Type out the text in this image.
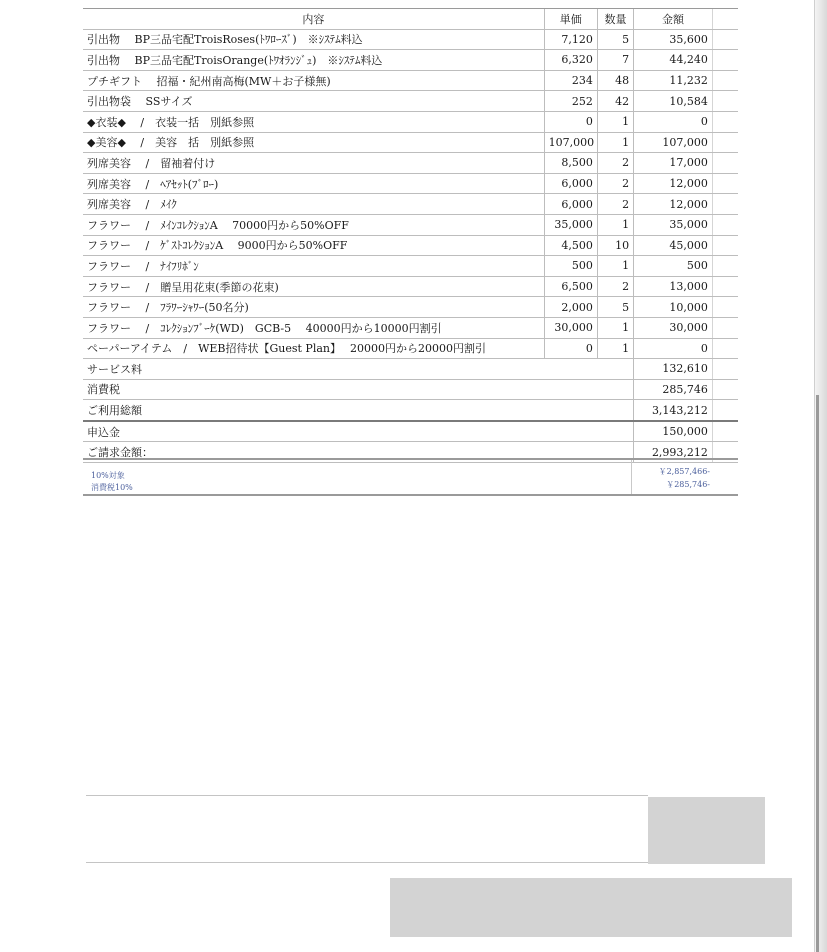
内容	単価	数量	金額	
引出物　 BP三品宅配TroisRoses(ﾄﾜﾛｰｽﾞ)　※ｼｽﾃﾑ料込	7,120	5	35,600	
引出物　 BP三品宅配TroisOrange(ﾄﾜｵﾗﾝｼﾞｭ)　※ｼｽﾃﾑ料込	6,320	7	44,240	
プチギフト　 招福・紀州南高梅(MW＋お子様無)	234	48	11,232	
引出物袋　 SSサイズ	252	42	10,584	
◆衣装◆　 /　衣装一括　別紙参照	0	1	0	
◆美容◆　 /　美容　括　別紙参照	107,000	1	107,000	
列席美容　 /　留袖着付け	8,500	2	17,000	
列席美容　 /　ﾍｱｾｯﾄ(ﾌﾞﾛｰ)	6,000	2	12,000	
列席美容　 /　ﾒｲｸ	6,000	2	12,000	
フラワー　 /　ﾒｲﾝｺﾚｸｼｮﾝA　 70000円から50%OFF	35,000	1	35,000	
フラワー　 /　ｹﾞｽﾄｺﾚｸｼｮﾝA　 9000円から50%OFF	4,500	10	45,000	
フラワー　 /　ﾅｲﾌﾘﾎﾞﾝ	500	1	500	
フラワー　 /　贈呈用花束(季節の花束)	6,500	2	13,000	
フラワー　 /　ﾌﾗﾜｰｼｬﾜｰ(50名分)	2,000	5	10,000	
フラワー　 /　ｺﾚｸｼｮﾝﾌﾞｰｹ(WD)　GCB-5　 40000円から10000円割引	30,000	1	30,000	
ペーパーアイテム　/　WEB招待状【Guest Plan】　 20000円から20000円割引	0	1	0	
サービス料			132,610	
消費税			285,746	
ご利用総額			3,143,212	
申込金			150,000	
ご請求金額：			2,993,212	
10%対象	￥2,857,466-
消費税10%	￥285,746-
